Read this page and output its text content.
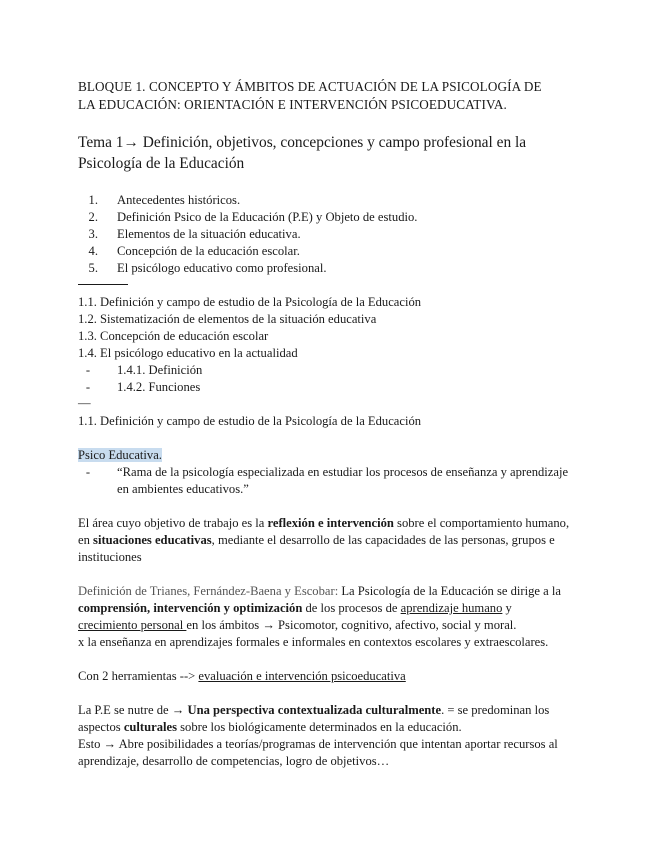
BLOQUE 1. CONCEPTO Y ÁMBITOS DE ACTUACIÓN DE LA PSICOLOGÍA DE
LA EDUCACIÓN: ORIENTACIÓN E INTERVENCIÓN PSICOEDUCATIVA.
Tema 1→ Definición, objetivos, concepciones y campo profesional en la
Psicología de la Educación
1. Antecedentes históricos.
2. Definición Psico de la Educación (P.E) y Objeto de estudio.
3. Elementos de la situación educativa.
4. Concepción de la educación escolar.
5. El psicólogo educativo como profesional.
1.1. Definición y campo de estudio de la Psicología de la Educación
1.2. Sistematización de elementos de la situación educativa
1.3. Concepción de educación escolar
1.4. El psicólogo educativo en la actualidad
- 1.4.1. Definición
- 1.4.2. Funciones
—
1.1. Definición y campo de estudio de la Psicología de la Educación
Psico Educativa.
- “Rama de la psicología especializada en estudiar los procesos de enseñanza y aprendizaje
en ambientes educativos.”
El área cuyo objetivo de trabajo es la reflexión e intervención sobre el comportamiento humano,
en situaciones educativas, mediante el desarrollo de las capacidades de las personas, grupos e
instituciones
Definición de Trianes, Fernández-Baena y Escobar: La Psicología de la Educación se dirige a la
comprensión, intervención y optimización de los procesos de aprendizaje humano y
crecimiento personal en los ámbitos → Psicomotor, cognitivo, afectivo, social y moral.
x la enseñanza en aprendizajes formales e informales en contextos escolares y extraescolares.
Con 2 herramientas --> evaluación e intervención psicoeducativa
La P.E se nutre de → Una perspectiva contextualizada culturalmente. = se predominan los
aspectos culturales sobre los biológicamente determinados en la educación.
Esto → Abre posibilidades a teorías/programas de intervención que intentan aportar recursos al
aprendizaje, desarrollo de competencias, logro de objetivos…
